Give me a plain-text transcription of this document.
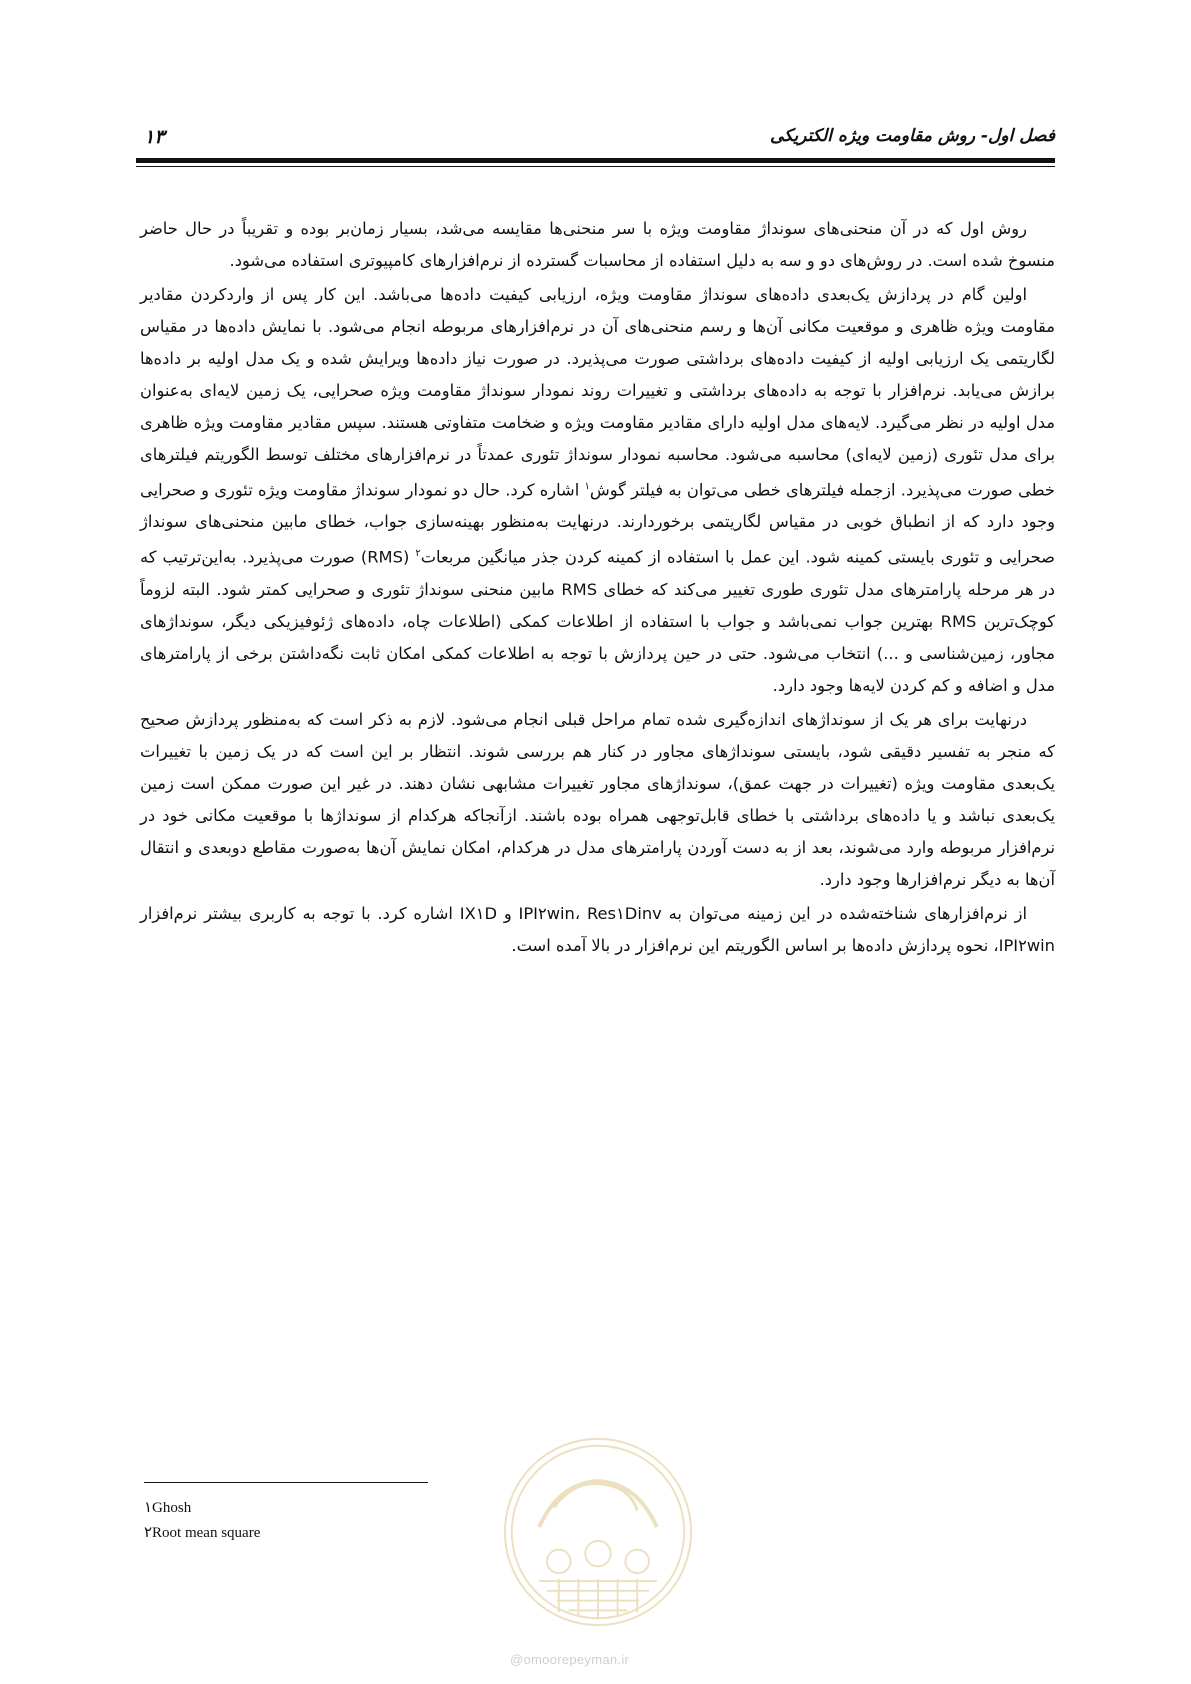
۱۳	فصل اول- روش مقاومت ویژه الکتریکی

روش اول که در آن منحنی‌های سونداژ مقاومت ویژه با سر منحنی‌ها مقایسه می‌شد، بسیار زمان‌بر بوده و تقریباً در حال حاضر منسوخ شده است. در روش‌های دو و سه به دلیل استفاده از محاسبات گسترده از نرم‌افزارهای کامپیوتری استفاده می‌شود.

اولین گام در پردازش یک‌بعدی داده‌های سونداژ مقاومت ویژه، ارزیابی کیفیت داده‌ها می‌باشد. این کار پس از واردکردن مقادیر مقاومت ویژه ظاهری و موقعیت مکانی آن‌ها و رسم منحنی‌های آن در نرم‌افزارهای مربوطه انجام می‌شود. با نمایش داده‌ها در مقیاس لگاریتمی یک ارزیابی اولیه از کیفیت داده‌های برداشتی صورت می‌پذیرد. در صورت نیاز داده‌ها ویرایش شده و یک مدل اولیه بر داده‌ها برازش می‌یابد. نرم‌افزار با توجه به داده‌های برداشتی و تغییرات روند نمودار سونداژ مقاومت ویژه صحرایی، یک زمین لایه‌ای به‌عنوان مدل اولیه در نظر می‌گیرد. لایه‌های مدل اولیه دارای مقادیر مقاومت ویژه و ضخامت متفاوتی هستند. سپس مقادیر مقاومت ویژه ظاهری برای مدل تئوری (زمین لایه‌ای) محاسبه می‌شود. محاسبه نمودار سونداژ تئوری عمدتاً در نرم‌افزارهای مختلف توسط الگوریتم فیلترهای خطی صورت می‌پذیرد. ازجمله فیلترهای خطی می‌توان به فیلتر گوش$^۱$ اشاره کرد. حال دو نمودار سونداژ مقاومت ویژه تئوری و صحرایی وجود دارد که از انطباق خوبی در مقیاس لگاریتمی برخوردارند. درنهایت به‌منظور بهینه‌سازی جواب، خطای مابین منحنی‌های سونداژ صحرایی و تئوری بایستی کمینه شود. این عمل با استفاده از کمینه کردن جذر میانگین مربعات$^۲$ (RMS) صورت می‌پذیرد. به‌این‌ترتیب که در هر مرحله پارامترهای مدل تئوری طوری تغییر می‌کند که خطای RMS مابین منحنی سونداژ تئوری و صحرایی کمتر شود. البته لزوماً کوچک‌ترین RMS بهترین جواب نمی‌باشد و جواب با استفاده از اطلاعات کمکی (اطلاعات چاه، داده‌های ژئوفیزیکی دیگر، سونداژهای مجاور، زمین‌شناسی و ...) انتخاب می‌شود. حتی در حین پردازش با توجه به اطلاعات کمکی امکان ثابت نگه‌داشتن برخی از پارامترهای مدل و اضافه و کم کردن لایه‌ها وجود دارد.

درنهایت برای هر یک از سونداژهای اندازه‌گیری شده تمام مراحل قبلی انجام می‌شود. لازم به ذکر است که به‌منظور پردازش صحیح که منجر به تفسیر دقیقی شود، بایستی سونداژهای مجاور در کنار هم بررسی شوند. انتظار بر این است که در یک زمین با تغییرات یک‌بعدی مقاومت ویژه (تغییرات در جهت عمق)، سونداژهای مجاور تغییرات مشابهی نشان دهند. در غیر این صورت ممکن است زمین یک‌بعدی نباشد و یا داده‌های برداشتی با خطای قابل‌توجهی همراه بوده باشند. ازآنجاکه هرکدام از سونداژها با موقعیت مکانی خود در نرم‌افزار مربوطه وارد می‌شوند، بعد از به دست آوردن پارامترهای مدل در هرکدام، امکان نمایش آن‌ها به‌صورت مقاطع دوبعدی و انتقال آن‌ها به دیگر نرم‌افزارها وجود دارد.

از نرم‌افزارهای شناخته‌شده در این زمینه می‌توان به IPI۲win، Res۱Dinv و IX۱D اشاره کرد. با توجه به کاربری بیشتر نرم‌افزار IPI۲win، نحوه پردازش داده‌ها بر اساس الگوریتم این نرم‌افزار در بالا آمده است.

۱Ghosh
۲Root mean square
@omoorepeyman.ir
